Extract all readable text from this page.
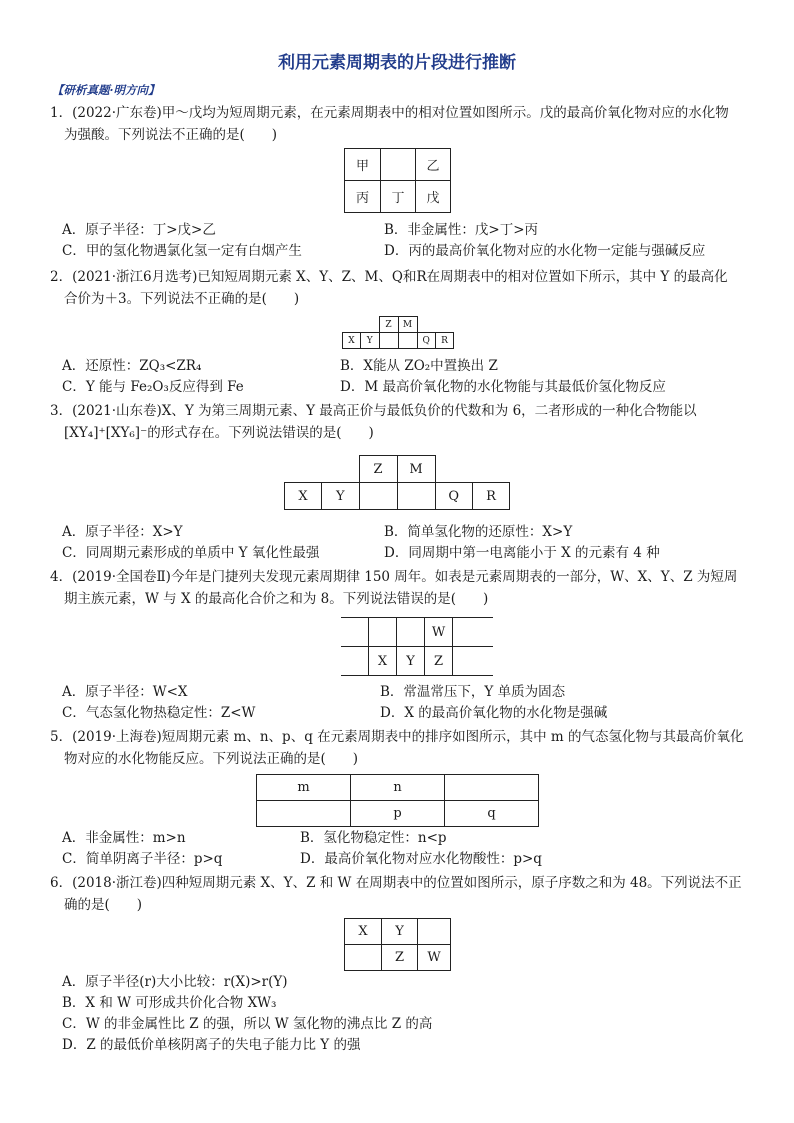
利用元素周期表的片段进行推断
【研析真题·明方向】
1．(2022·广东卷)甲～戊均为短周期元素，在元素周期表中的相对位置如图所示。戊的最高价氧化物对应的水化物
为强酸。下列说法不正确的是(　　)
甲		乙
丙	丁	戊
A．原子半径：丁>戊>乙	B．非金属性：戊>丁>丙
C．甲的氢化物遇氯化氢一定有白烟产生	D．丙的最高价氧化物对应的水化物一定能与强碱反应
2．(2021·浙江6月选考)已知短周期元素 X、Y、Z、M、Q和R在周期表中的相对位置如下所示，其中 Y 的最高化
合价为＋3。下列说法不正确的是(　　)
		Z	M		
X	Y			Q	R
A．还原性：ZQ₃<ZR₄	B．X能从 ZO₂中置换出 Z
C．Y 能与 Fe₂O₃反应得到 Fe	D．M 最高价氧化物的水化物能与其最低价氢化物反应
3．(2021·山东卷)X、Y 为第三周期元素、Y 最高正价与最低负价的代数和为 6，二者形成的一种化合物能以
[XY₄]⁺[XY₆]⁻的形式存在。下列说法错误的是(　　)
		Z	M		
X	Y			Q	R
A．原子半径：X>Y	B．简单氢化物的还原性：X>Y
C．同周期元素形成的单质中 Y 氧化性最强	D．同周期中第一电离能小于 X 的元素有 4 种
4．(2019·全国卷Ⅱ)今年是门捷列夫发现元素周期律 150 周年。如表是元素周期表的一部分，W、X、Y、Z 为短周
期主族元素，W 与 X 的最高化合价之和为 8。下列说法错误的是(　　)
			W	
	X	Y	Z	
A．原子半径：W<X	B．常温常压下，Y 单质为固态
C．气态氢化物热稳定性：Z<W	D．X 的最高价氧化物的水化物是强碱
5．(2019·上海卷)短周期元素 m、n、p、q 在元素周期表中的排序如图所示，其中 m 的气态氢化物与其最高价氧化
物对应的水化物能反应。下列说法正确的是(　　)
m	n	
	p	q
A．非金属性：m>n	B．氢化物稳定性：n<p
C．简单阴离子半径：p>q	D．最高价氧化物对应水化物酸性：p>q
6．(2018·浙江卷)四种短周期元素 X、Y、Z 和 W 在周期表中的位置如图所示，原子序数之和为 48。下列说法不正
确的是(　　)
X	Y	
	Z	W
A．原子半径(r)大小比较：r(X)>r(Y)
B．X 和 W 可形成共价化合物 XW₃
C．W 的非金属性比 Z 的强，所以 W 氢化物的沸点比 Z 的高
D．Z 的最低价单核阴离子的失电子能力比 Y 的强
